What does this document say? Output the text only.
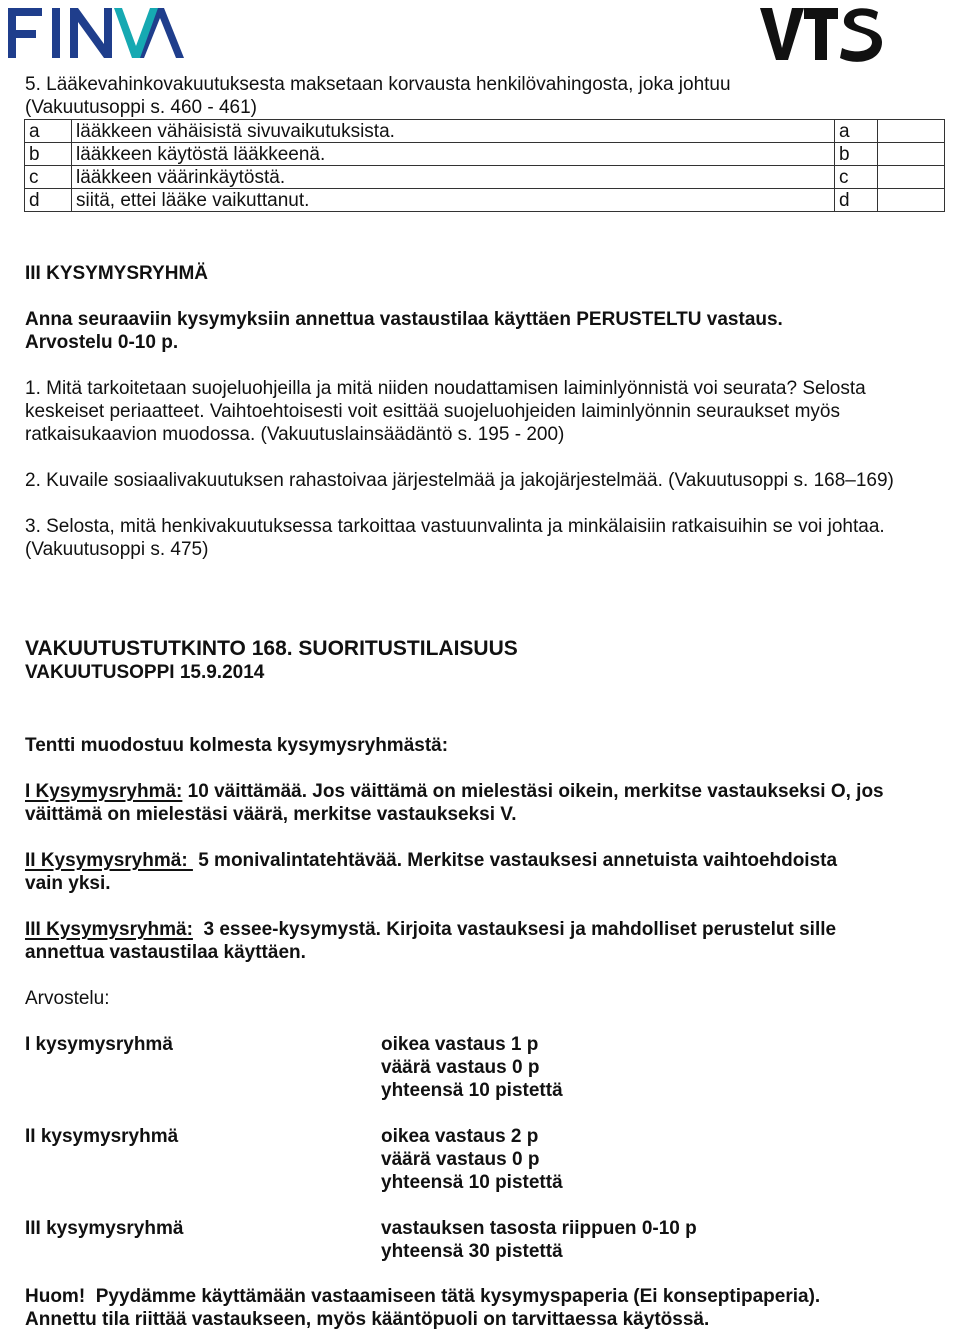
5. Lääkevahinkovakuutuksesta maksetaan korvausta henkilövahingosta, joka johtuu
(Vakuutusoppi s. 460 - 461)
a	lääkkeen vähäisistä sivuvaikutuksista.	a	
b	lääkkeen käytöstä lääkkeenä.	b	
c	lääkkeen väärinkäytöstä.	c	
d	siitä, ettei lääke vaikuttanut.	d	
III KYSYMYSRYHMÄ
Anna seuraaviin kysymyksiin annettua vastaustilaa käyttäen PERUSTELTU vastaus.
Arvostelu 0-10 p.
1. Mitä tarkoitetaan suojeluohjeilla ja mitä niiden noudattamisen laiminlyönnistä voi seurata? Selosta
keskeiset periaatteet. Vaihtoehtoisesti voit esittää suojeluohjeiden laiminlyönnin seuraukset myös
ratkaisukaavion muodossa. (Vakuutuslainsäädäntö s. 195 - 200)
2. Kuvaile sosiaalivakuutuksen rahastoivaa järjestelmää ja jakojärjestelmää. (Vakuutusoppi s. 168–169)
3. Selosta, mitä henkivakuutuksessa tarkoittaa vastuunvalinta ja minkälaisiin ratkaisuihin se voi johtaa.
(Vakuutusoppi s. 475)
VAKUUTUSTUTKINTO 168. SUORITUSTILAISUUS
VAKUUTUSOPPI 15.9.2014
Tentti muodostuu kolmesta kysymysryhmästä:
I Kysymysryhmä: 10 väittämää. Jos väittämä on mielestäsi oikein, merkitse vastaukseksi O, jos
väittämä on mielestäsi väärä, merkitse vastaukseksi V.
II Kysymysryhmä:  5 monivalintatehtävää. Merkitse vastauksesi annetuista vaihtoehdoista
vain yksi.
III Kysymysryhmä:  3 essee-kysymystä. Kirjoita vastauksesi ja mahdolliset perustelut sille
annettua vastaustilaa käyttäen.
Arvostelu:
I kysymysryhmä	oikea vastaus 1 p
väärä vastaus 0 p
yhteensä 10 pistettä
II kysymysryhmä	oikea vastaus 2 p
väärä vastaus 0 p
yhteensä 10 pistettä
III kysymysryhmä	vastauksen tasosta riippuen 0-10 p
yhteensä 30 pistettä
Huom!  Pyydämme käyttämään vastaamiseen tätä kysymyspaperia (Ei konseptipaperia).
Annettu tila riittää vastaukseen, myös kääntöpuoli on tarvittaessa käytössä.
